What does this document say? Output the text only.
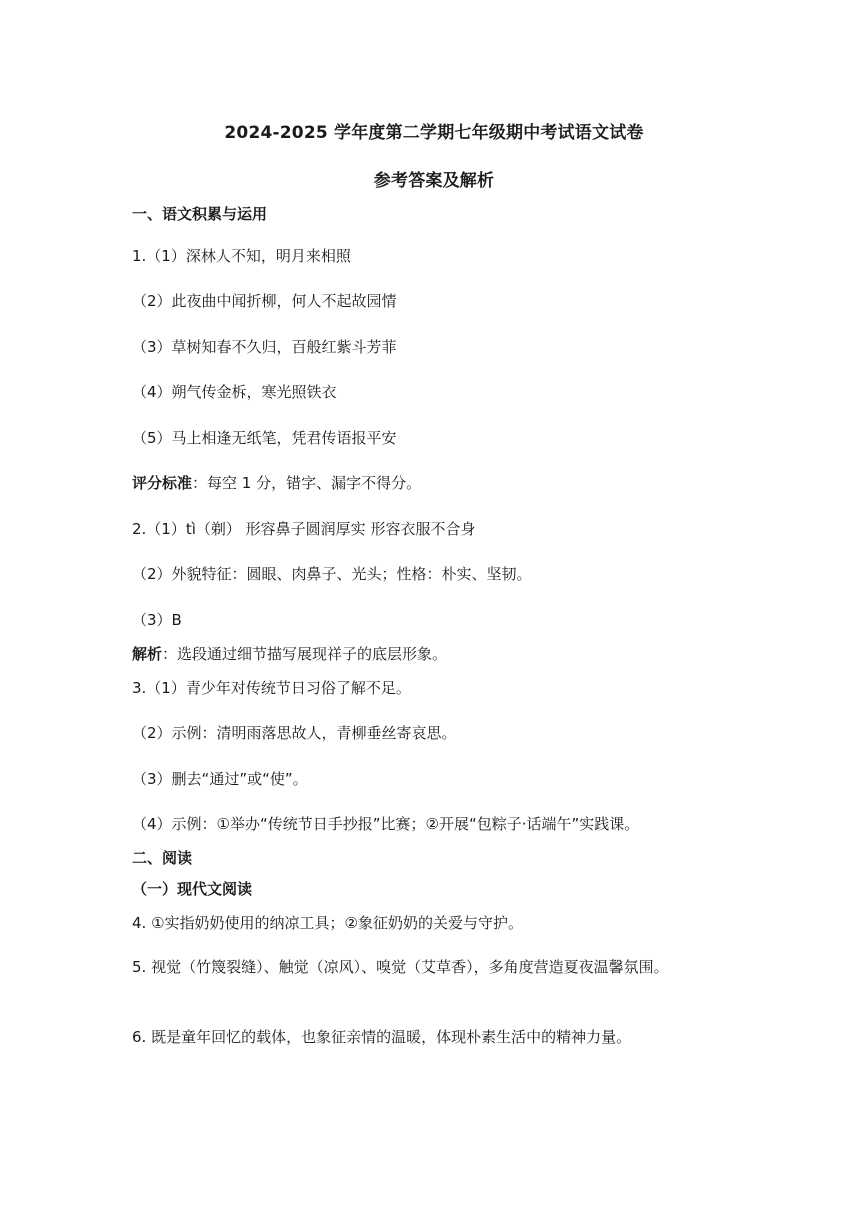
2024-2025 学年度第二学期七年级期中考试语文试卷
参考答案及解析
一、语文积累与运用
1.（1）深林人不知，明月来相照
（2）此夜曲中闻折柳，何人不起故园情
（3）草树知春不久归，百般红紫斗芳菲
（4）朔气传金柝，寒光照铁衣
（5）马上相逢无纸笔，凭君传语报平安
评分标准：每空 1 分，错字、漏字不得分。
2.（1）tì（剃） 形容鼻子圆润厚实 形容衣服不合身
（2）外貌特征：圆眼、肉鼻子、光头；性格：朴实、坚韧。
（3）B
解析：选段通过细节描写展现祥子的底层形象。
3.（1）青少年对传统节日习俗了解不足。
（2）示例：清明雨落思故人，青柳垂丝寄哀思。
（3）删去“通过”或“使”。
（4）示例：①举办“传统节日手抄报”比赛；②开展“包粽子·话端午”实践课。
二、阅读
（一）现代文阅读
4. ①实指奶奶使用的纳凉工具；②象征奶奶的关爱与守护。
5. 视觉（竹篾裂缝）、触觉（凉风）、嗅觉（艾草香），多角度营造夏夜温馨氛围。
6. 既是童年回忆的载体，也象征亲情的温暖，体现朴素生活中的精神力量。
